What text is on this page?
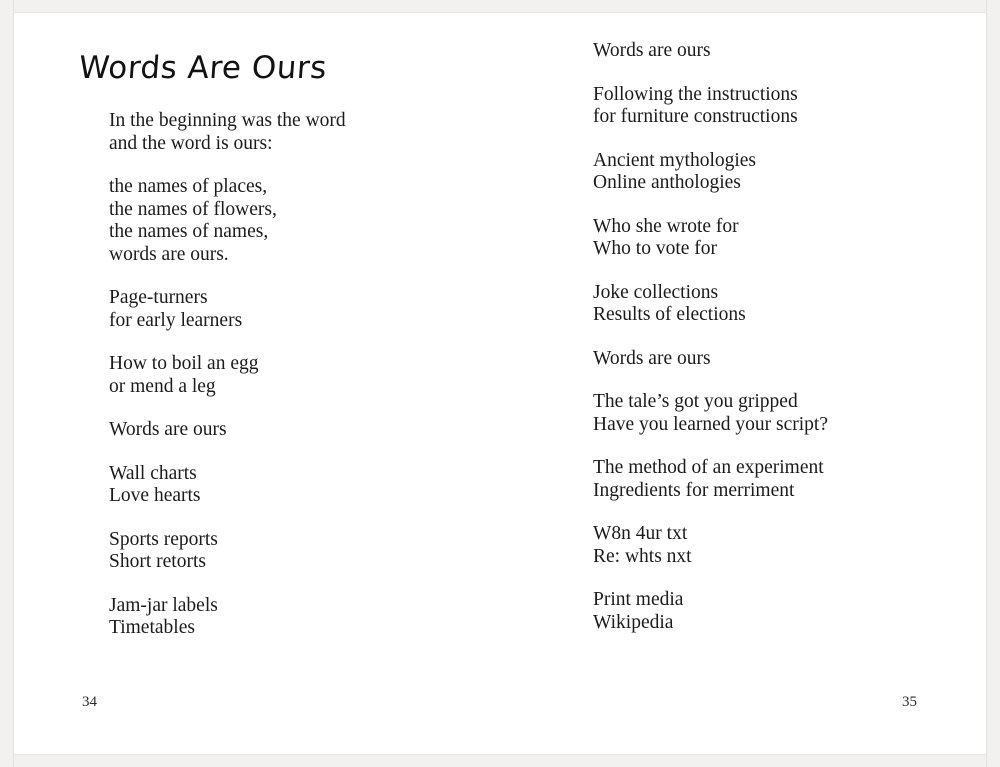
Words Are Ours
In the beginning was the word
and the word is ours:
the names of places,
the names of flowers,
the names of names,
words are ours.
Page-turners
for early learners
How to boil an egg
or mend a leg
Words are ours
Wall charts
Love hearts
Sports reports
Short retorts
Jam-jar labels
Timetables
34
Words are ours
Following the instructions
for furniture constructions
Ancient mythologies
Online anthologies
Who she wrote for
Who to vote for
Joke collections
Results of elections
Words are ours
The tale’s got you gripped
Have you learned your script?
The method of an experiment
Ingredients for merriment
W8n 4ur txt
Re: whts nxt
Print media
Wikipedia
35
